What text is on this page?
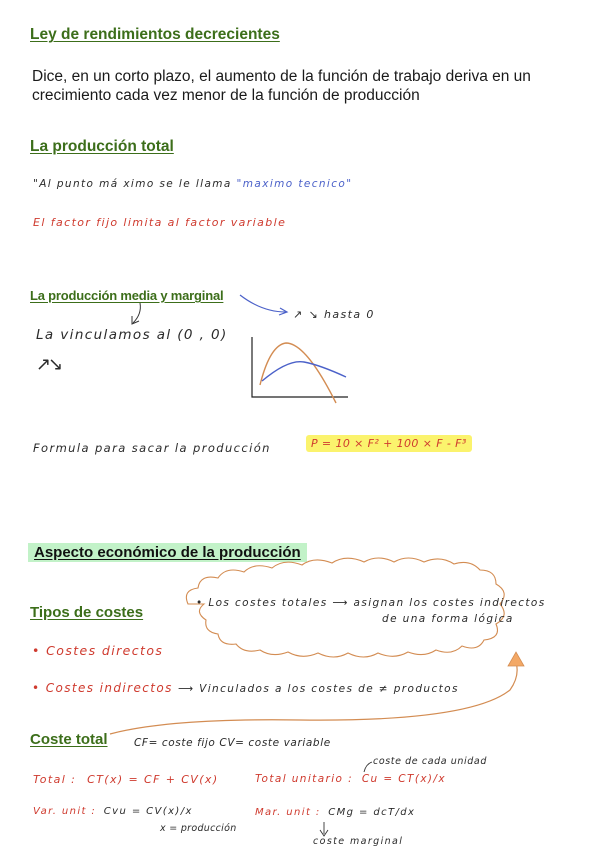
Ley de rendimientos decrecientes
Dice, en un corto plazo, el aumento de la función de trabajo deriva en un
crecimiento cada vez menor de la función de producción
La producción total
"Al punto má ximo se le llama "maximo tecnico"
El factor fijo limita al factor variable
La producción media y marginal
↗ ↘ hasta 0
La vinculamos al (0 , 0)
↗↘
Formula para sacar la producción	P = 10 × F² + 100 × F - F³
Aspecto económico de la producción
Tipos de costes
• Los costes totales ⟶ asignan los costes indirectos
de una forma lógica
• Costes directos
• Costes indirectos ⟶ Vinculados a los costes de ≠ productos
Coste total	CF= coste fijo CV= coste variable
Total : CT(x) = CF + CV(x)
coste de cada unidad
Total unitario : Cu = CT(x)/x
Var. unit : Cvu = CV(x)/x
x = producción
Mar. unit : CMg = dcT/dx
coste marginal
